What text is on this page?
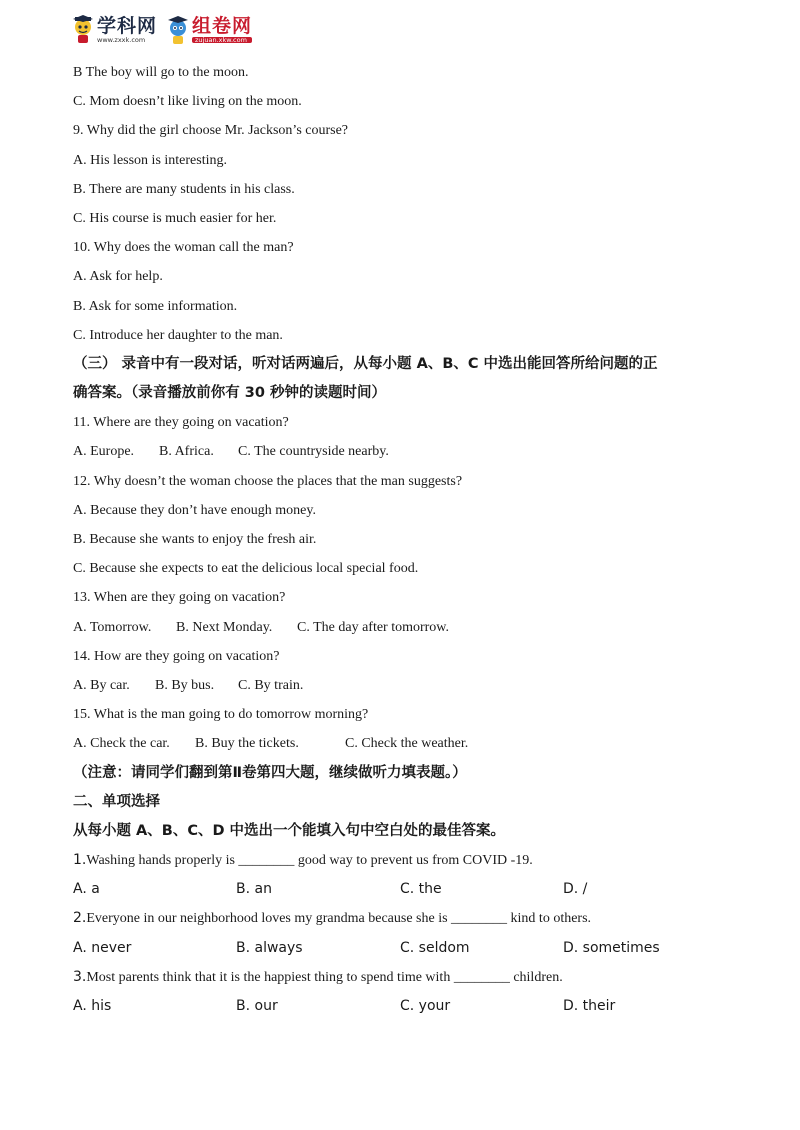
学科网
www.zxxk.com
组卷网
zujuan.xkw.com
B The boy will go to the moon.
C. Mom doesn’t like living on the moon.
9. Why did the girl choose Mr. Jackson’s course?
A. His lesson is interesting.
B. There are many students in his class.
C. His course is much easier for her.
10. Why does the woman call the man?
A. Ask for help.
B. Ask for some information.
C. Introduce her daughter to the man.
（三） 录音中有一段对话，听对话两遍后，从每小题 A、B、C 中选出能回答所给问题的正
确答案。（录音播放前你有 30 秒钟的读题时间）
11. Where are they going on vacation?
A. Europe. B. Africa. C. The countryside nearby.
12. Why doesn’t the woman choose the places that the man suggests?
A. Because they don’t have enough money.
B. Because she wants to enjoy the fresh air.
C. Because she expects to eat the delicious local special food.
13. When are they going on vacation?
A. Tomorrow. B. Next Monday. C. The day after tomorrow.
14. How are they going on vacation?
A. By car. B. By bus. C. By train.
15. What is the man going to do tomorrow morning?
A. Check the car. B. Buy the tickets.	C. Check the weather.
（注意：请同学们翻到第Ⅱ卷第四大题，继续做听力填表题。）
二、单项选择
从每小题 A、B、C、D 中选出一个能填入句中空白处的最佳答案。
1.Washing hands properly is ________ good way to prevent us from COVID -19.
A. a	B. an	C. the	D. /
2.Everyone in our neighborhood loves my grandma because she is ________ kind to others.
A. never	B. always	C. seldom	D. sometimes
3.Most parents think that it is the happiest thing to spend time with ________ children.
A. his	B. our	C. your	D. their
